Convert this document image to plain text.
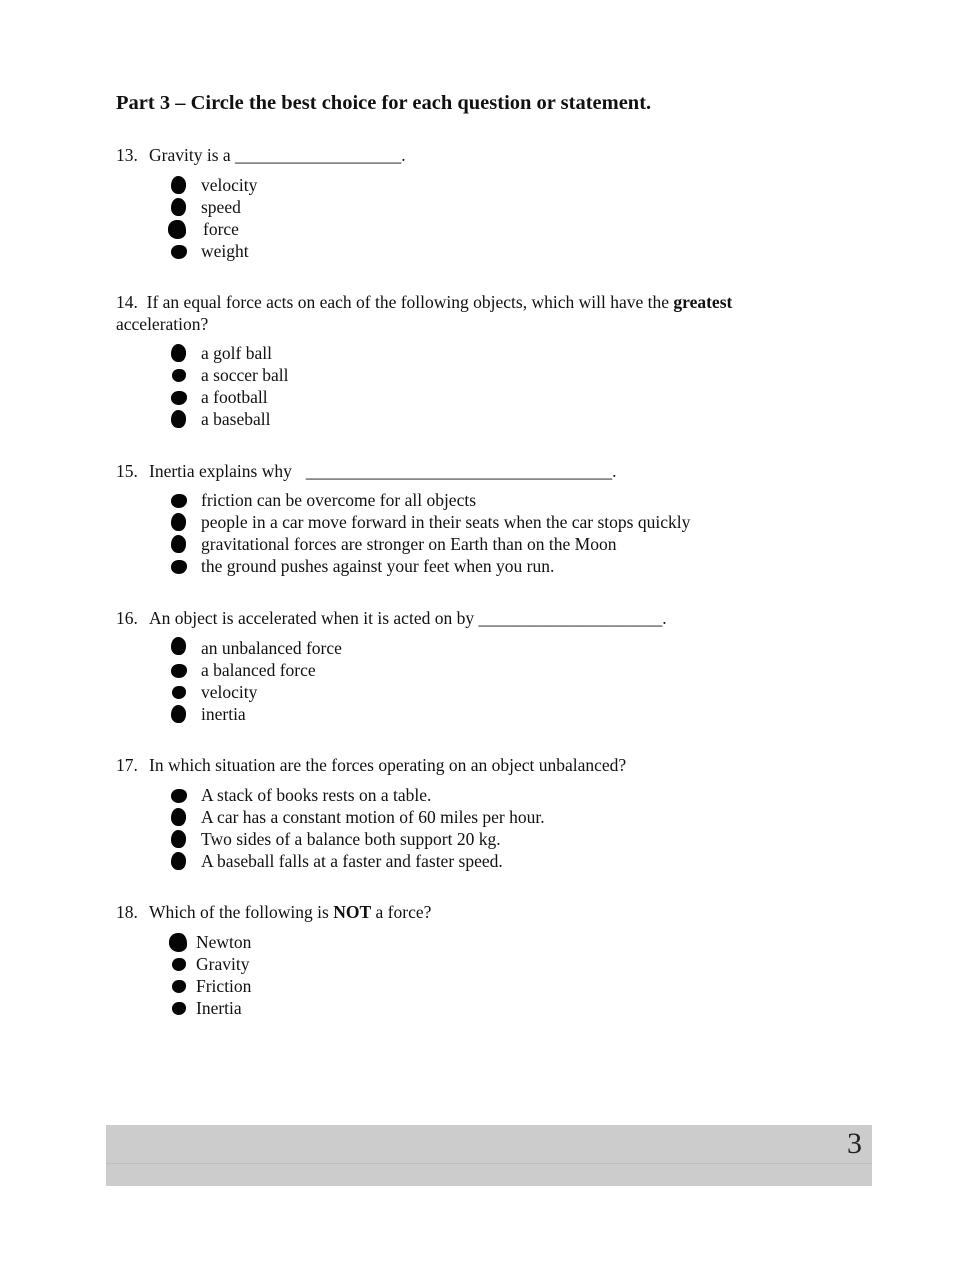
Part 3 – Circle the best choice for each question or statement.

13. Gravity is a ___________________.

velocity
speed
force
weight

14. If an equal force acts on each of the following objects, which will have the greatest
acceleration?

a golf ball
a soccer ball
a football
a baseball

15. Inertia explains why ___________________________________.

friction can be overcome for all objects
people in a car move forward in their seats when the car stops quickly
gravitational forces are stronger on Earth than on the Moon
the ground pushes against your feet when you run.

16. An object is accelerated when it is acted on by _____________________.

an unbalanced force
a balanced force
velocity
inertia

17. In which situation are the forces operating on an object unbalanced?

A stack of books rests on a table.
A car has a constant motion of 60 miles per hour.
Two sides of a balance both support 20 kg.
A baseball falls at a faster and faster speed.

18. Which of the following is NOT a force?

Newton
Gravity
Friction
Inertia
3
